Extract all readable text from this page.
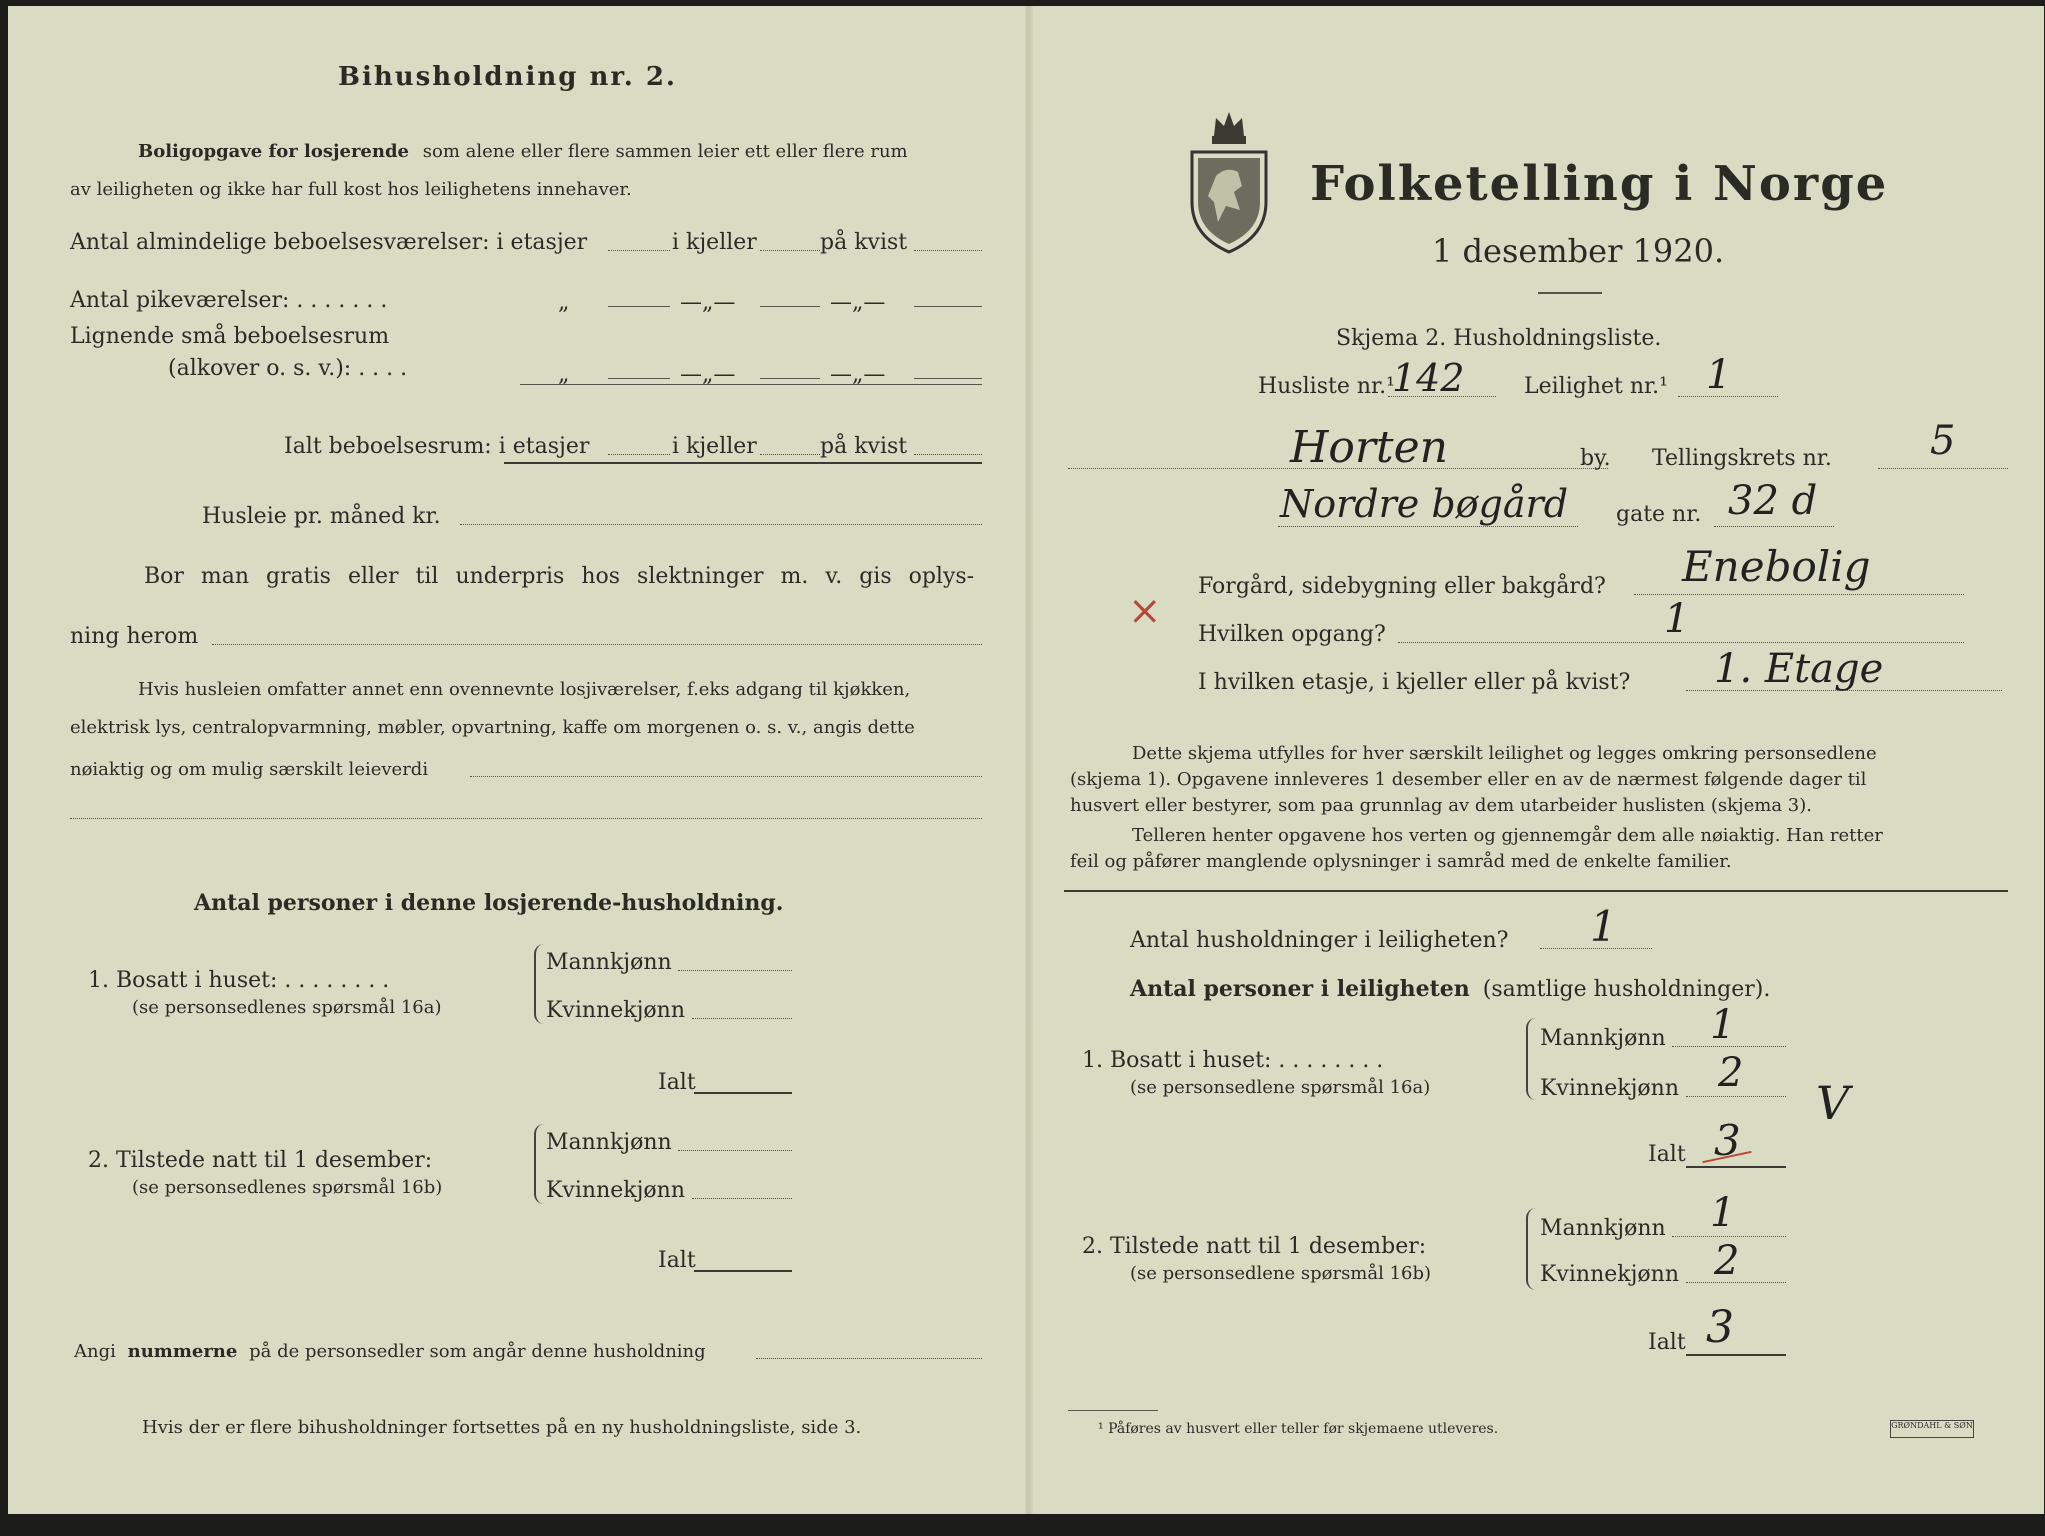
Bihusholdning nr. 2.
Boligopgave for losjerende som alene eller flere sammen leier ett eller flere rum
av leiligheten og ikke har full kost hos leilighetens innehaver.
Antal almindelige beboelsesværelser: i etasjer	i kjeller	på kvist
Antal pikeværelser: . . . . . . .	„	—„—	—„—
Lignende små beboelsesrum
(alkover o. s. v.): . . . .	„	—„—	—„—
Ialt beboelsesrum: i etasjer	i kjeller	på kvist
Husleie pr. måned kr.
Bor man gratis eller til underpris hos slektninger m. v. gis oplys-
ning herom
Hvis husleien omfatter annet enn ovennevnte losjiværelser, f.eks adgang til kjøkken,
elektrisk lys, centralopvarmning, møbler, opvartning, kaffe om morgenen o. s. v., angis dette
nøiaktig og om mulig særskilt leieverdi
Antal personer i denne losjerende-husholdning.
1. Bosatt i huset: . . . . . . . .
(se personsedlenes spørsmål 16a)
Mannkjønn
Kvinnekjønn
Ialt
2. Tilstede natt til 1 desember:
(se personsedlenes spørsmål 16b)
Mannkjønn
Kvinnekjønn
Ialt
Angi nummerne på de personsedler som angår denne husholdning
Hvis der er flere bihusholdninger fortsettes på en ny husholdningsliste, side 3.
Folketelling i Norge
1 desember 1920.
Skjema 2. Husholdningsliste.
Husliste nr.¹
142	Leilighet nr.¹ 1
Horten	by. Tellingskrets nr. 5
Nordre bøgård gate nr. 32 d
Forgård, sidebygning eller bakgård? Enebolig
×
Hvilken opgang?	1
I hvilken etasje, i kjeller eller på kvist? 1. Etage
Dette skjema utfylles for hver særskilt leilighet og legges omkring personsedlene
(skjema 1). Opgavene innleveres 1 desember eller en av de nærmest følgende dager til
husvert eller bestyrer, som paa grunnlag av dem utarbeider huslisten (skjema 3).
Telleren henter opgavene hos verten og gjennemgår dem alle nøiaktig. Han retter
feil og påfører manglende oplysninger i samråd med de enkelte familier.
Antal husholdninger i leiligheten? 1
Antal personer i leiligheten (samtlige husholdninger).
1. Bosatt i huset: . . . . . . . .
(se personsedlene spørsmål 16a)
Mannkjønn 1
Kvinnekjønn 2
V
Ialt 3
2. Tilstede natt til 1 desember:
(se personsedlene spørsmål 16b)
Mannkjønn 1
Kvinnekjønn 2
Ialt 3
¹ Påføres av husvert eller teller før skjemaene utleveres.	GRØNDAHL & SØN
